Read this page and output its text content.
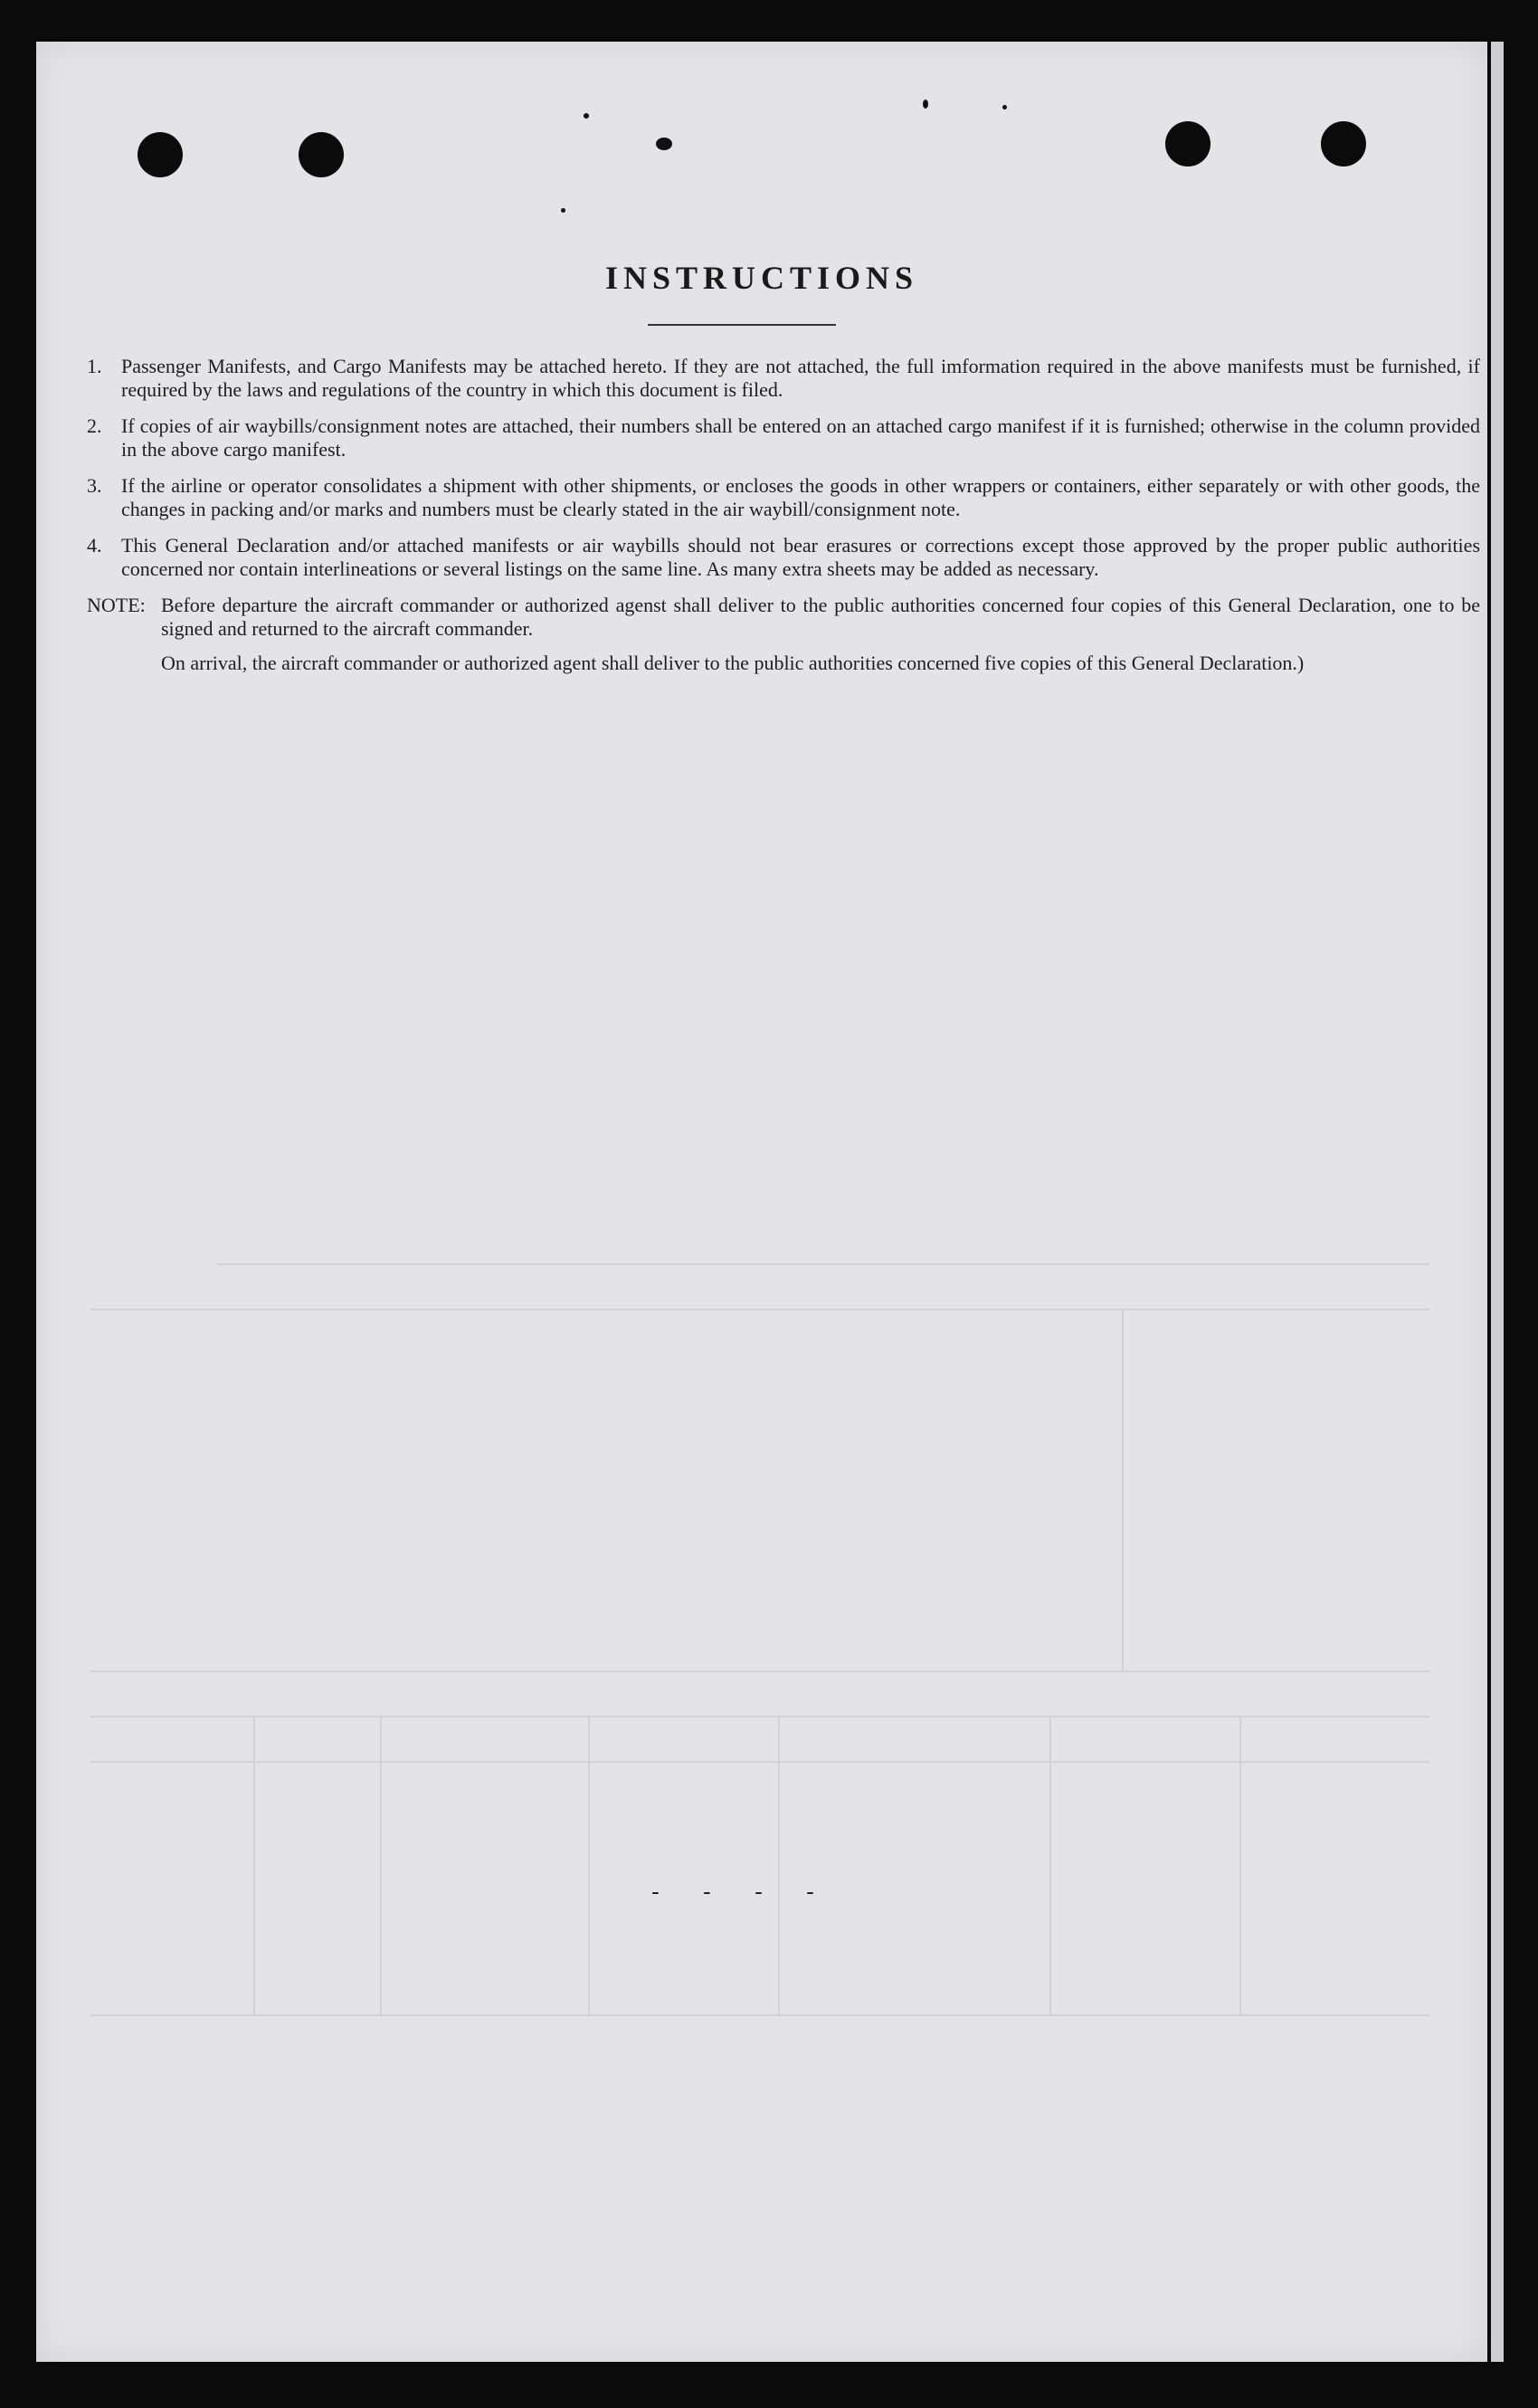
INSTRUCTIONS
1. Passenger Manifests, and Cargo Manifests may be attached hereto. If they are not attached, the full imformation required in the above manifests must be furnished, if required by the laws and regulations of the country in which this document is filed.
2. If copies of air waybills/consignment notes are attached, their numbers shall be entered on an attached cargo manifest if it is furnished; otherwise in the column provided in the above cargo manifest.
3. If the airline or operator consolidates a shipment with other shipments, or encloses the goods in other wrappers or containers, either separately or with other goods, the changes in packing and/or marks and numbers must be clearly stated in the air waybill/consignment note.
4. This General Declaration and/or attached manifests or air waybills should not bear erasures or corrections except those approved by the proper public authorities concerned nor contain interlineations or several listings on the same line. As many extra sheets may be added as necessary.
NOTE: Before departure the aircraft commander or authorized agenst shall deliver to the public authorities concerned four copies of this General Declaration, one to be signed and returned to the aircraft commander.
On arrival, the aircraft commander or authorized agent shall deliver to the public authorities concerned five copies of this General Declaration.)
- - - -
